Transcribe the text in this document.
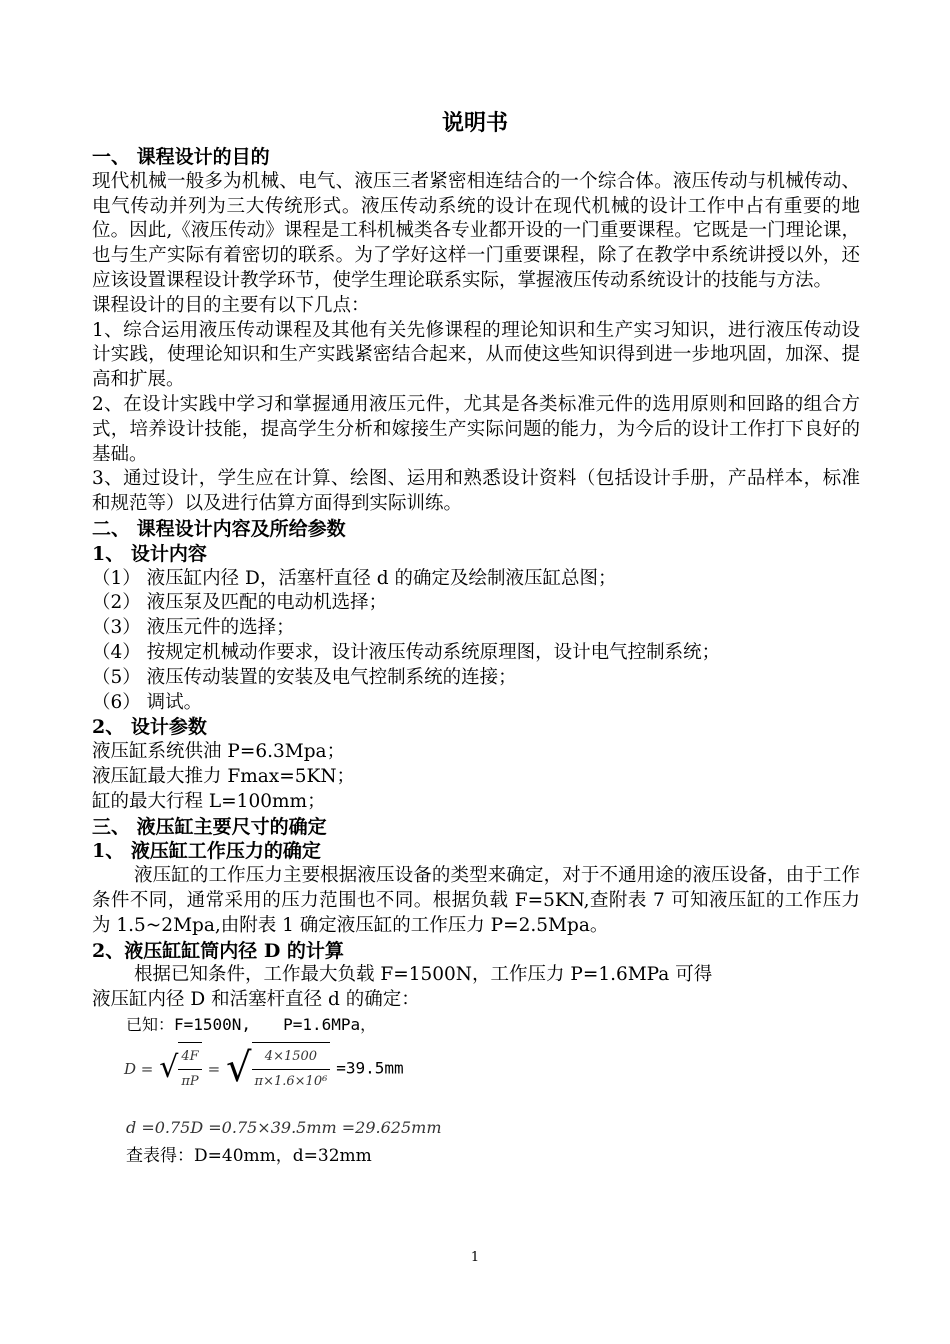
说明书

一、 课程设计的目的

现代机械一般多为机械、电气、液压三者紧密相连结合的一个综合体。液压传动与机械传动、电气传动并列为三大传统形式。液压传动系统的设计在现代机械的设计工作中占有重要的地位。因此,《液压传动》课程是工科机械类各专业都开设的一门重要课程。它既是一门理论课，也与生产实际有着密切的联系。为了学好这样一门重要课程，除了在教学中系统讲授以外，还应该设置课程设计教学环节，使学生理论联系实际，掌握液压传动系统设计的技能与方法。

课程设计的目的主要有以下几点：

1、综合运用液压传动课程及其他有关先修课程的理论知识和生产实习知识，进行液压传动设计实践，使理论知识和生产实践紧密结合起来，从而使这些知识得到进一步地巩固，加深、提高和扩展。

2、在设计实践中学习和掌握通用液压元件，尤其是各类标准元件的选用原则和回路的组合方式，培养设计技能，提高学生分析和嫁接生产实际问题的能力，为今后的设计工作打下良好的基础。

3、通过设计，学生应在计算、绘图、运用和熟悉设计资料（包括设计手册，产品样本，标准和规范等）以及进行估算方面得到实际训练。

二、 课程设计内容及所给参数

1、 设计内容

（1） 液压缸内径 D，活塞杆直径 d 的确定及绘制液压缸总图；

（2） 液压泵及匹配的电动机选择；

（3） 液压元件的选择；

（4） 按规定机械动作要求，设计液压传动系统原理图，设计电气控制系统；

（5） 液压传动装置的安装及电气控制系统的连接；

（6） 调试。

2、 设计参数

液压缸系统供油 P=6.3Mpa；

液压缸最大推力 Fmax=5KN；

缸的最大行程 L=100mm；

三、 液压缸主要尺寸的确定

1、 液压缸工作压力的确定

液压缸的工作压力主要根据液压设备的类型来确定，对于不通用途的液压设备，由于工作条件不同，通常采用的压力范围也不同。根据负载 F=5KN,查附表 7 可知液压缸的工作压力为 1.5~2Mpa,由附表 1 确定液压缸的工作压力 P=2.5Mpa。

2、液压缸缸筒内径 D 的计算

根据已知条件，工作最大负载 F=1500N，工作压力 P=1.6MPa 可得

液压缸内径 D 和活塞杆直径 d 的确定：

已知：F=1500N,　　P=1.6MPa，

D = √ $\frac{4F}{\pi P}$ = √ $\frac{4\times 1500}{\text{π×1.6×10⁶}} =39.5mm$

d =0.75D =0.75×39.5mm =29.625mm

查表得：D=40mm，d=32mm

1
